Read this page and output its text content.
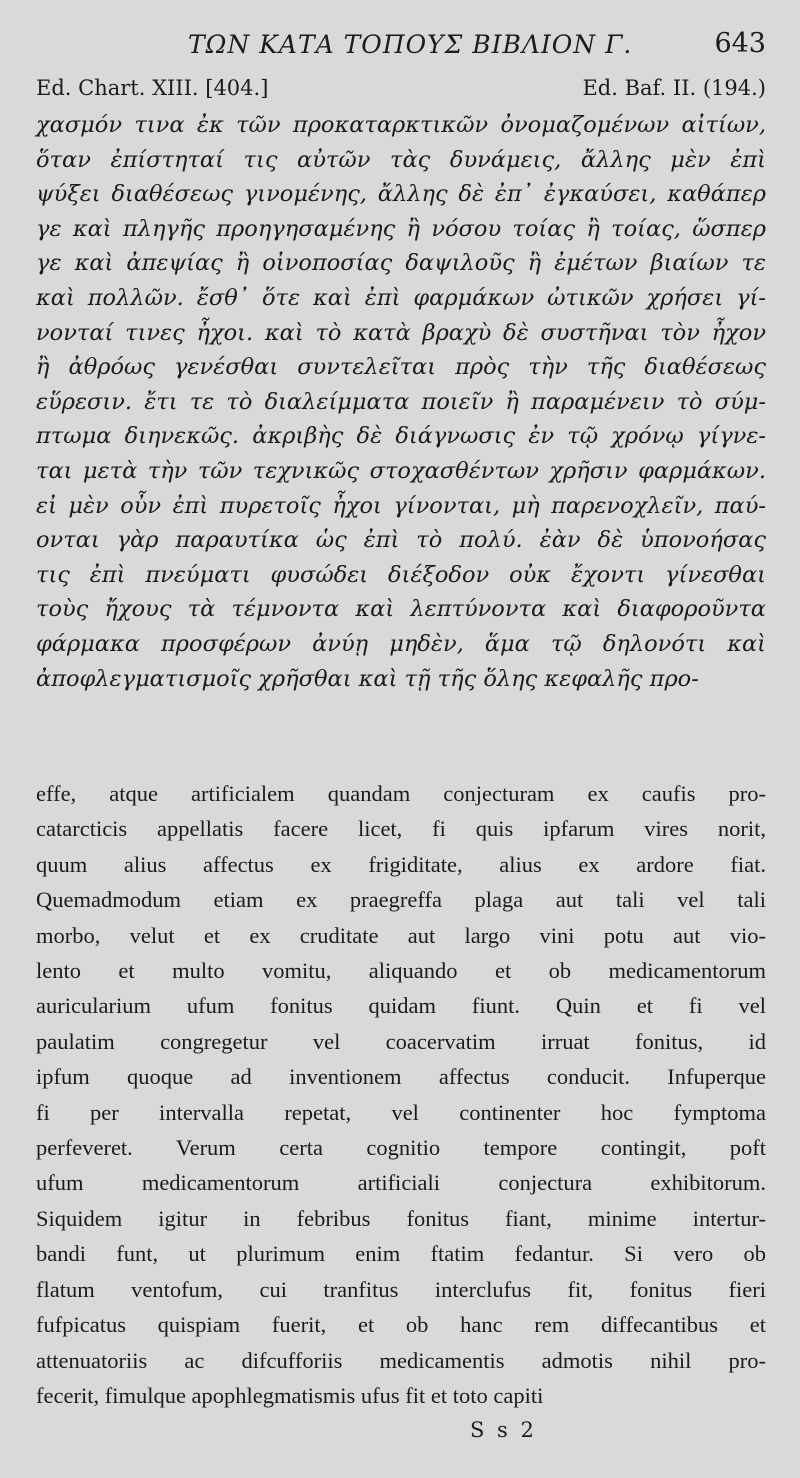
ΤΩΝ ΚΑΤΑ ΤΟΠΟΥΣ ΒΙΒΛΙΟΝ Γ.	643
Ed. Chart. XIII. [404.]	Ed. Baf. II. (194.)
χασμόν τινα ἐκ τῶν προκαταρκτικῶν ὀνομαζομένων αἰτίων,
ὅταν ἐπίστηταί τις αὐτῶν τὰς δυνάμεις, ἄλλης μὲν ἐπὶ
ψύξει διαθέσεως γινομένης, ἄλλης δὲ ἐπ᾽ ἐγκαύσει, καθάπερ
γε καὶ πληγῆς προηγησαμένης ἢ νόσου τοίας ἢ τοίας, ὥσπερ
γε καὶ ἀπεψίας ἢ οἰνοποσίας δαψιλοῦς ἢ ἐμέτων βιαίων τε
καὶ πολλῶν. ἔσθ᾽ ὅτε καὶ ἐπὶ φαρμάκων ὠτικῶν χρήσει γί-
νονταί τινες ἦχοι. καὶ τὸ κατὰ βραχὺ δὲ συστῆναι τὸν ἦχον
ἢ ἀθρόως γενέσθαι συντελεῖται πρὸς τὴν τῆς διαθέσεως
εὕρεσιν. ἔτι τε τὸ διαλείμματα ποιεῖν ἢ παραμένειν τὸ σύμ-
πτωμα διηνεκῶς. ἀκριβὴς δὲ διάγνωσις ἐν τῷ χρόνῳ γίγνε-
ται μετὰ τὴν τῶν τεχνικῶς στοχασθέντων χρῆσιν φαρμάκων.
εἰ μὲν οὖν ἐπὶ πυρετοῖς ἦχοι γίνονται, μὴ παρενοχλεῖν, παύ-
ονται γὰρ παραυτίκα ὡς ἐπὶ τὸ πολύ. ἐὰν δὲ ὑπονοήσας
τις ἐπὶ πνεύματι φυσώδει διέξοδον οὐκ ἔχοντι γίνεσθαι
τοὺς ἤχους τὰ τέμνοντα καὶ λεπτύνοντα καὶ διαφοροῦντα
φάρμακα προσφέρων ἀνύῃ μηδὲν, ἅμα τῷ δηλονότι καὶ
ἀποφλεγματισμοῖς χρῆσθαι καὶ τῇ τῆς ὅλης κεφαλῆς προ-
effe, atque artificialem quandam conjecturam ex caufis pro-
catarcticis appellatis facere licet, fi quis ipfarum vires norit,
quum alius affectus ex frigiditate, alius ex ardore fiat.
Quemadmodum etiam ex praegreffa plaga aut tali vel tali
morbo, velut et ex cruditate aut largo vini potu aut vio-
lento et multo vomitu, aliquando et ob medicamentorum
auricularium ufum fonitus quidam fiunt. Quin et fi vel
paulatim congregetur vel coacervatim irruat fonitus, id
ipfum quoque ad inventionem affectus conducit. Infuperque
fi per intervalla repetat, vel continenter hoc fymptoma
perfeveret. Verum certa cognitio tempore contingit, poft
ufum medicamentorum artificiali conjectura exhibitorum.
Siquidem igitur in febribus fonitus fiant, minime intertur-
bandi funt, ut plurimum enim ftatim fedantur. Si vero ob
flatum ventofum, cui tranfitus interclufus fit, fonitus fieri
fufpicatus quispiam fuerit, et ob hanc rem diffecantibus et
attenuatoriis ac difcufforiis medicamentis admotis nihil pro-
fecerit, fimulque apophlegmatismis ufus fit et toto capiti
S s 2
